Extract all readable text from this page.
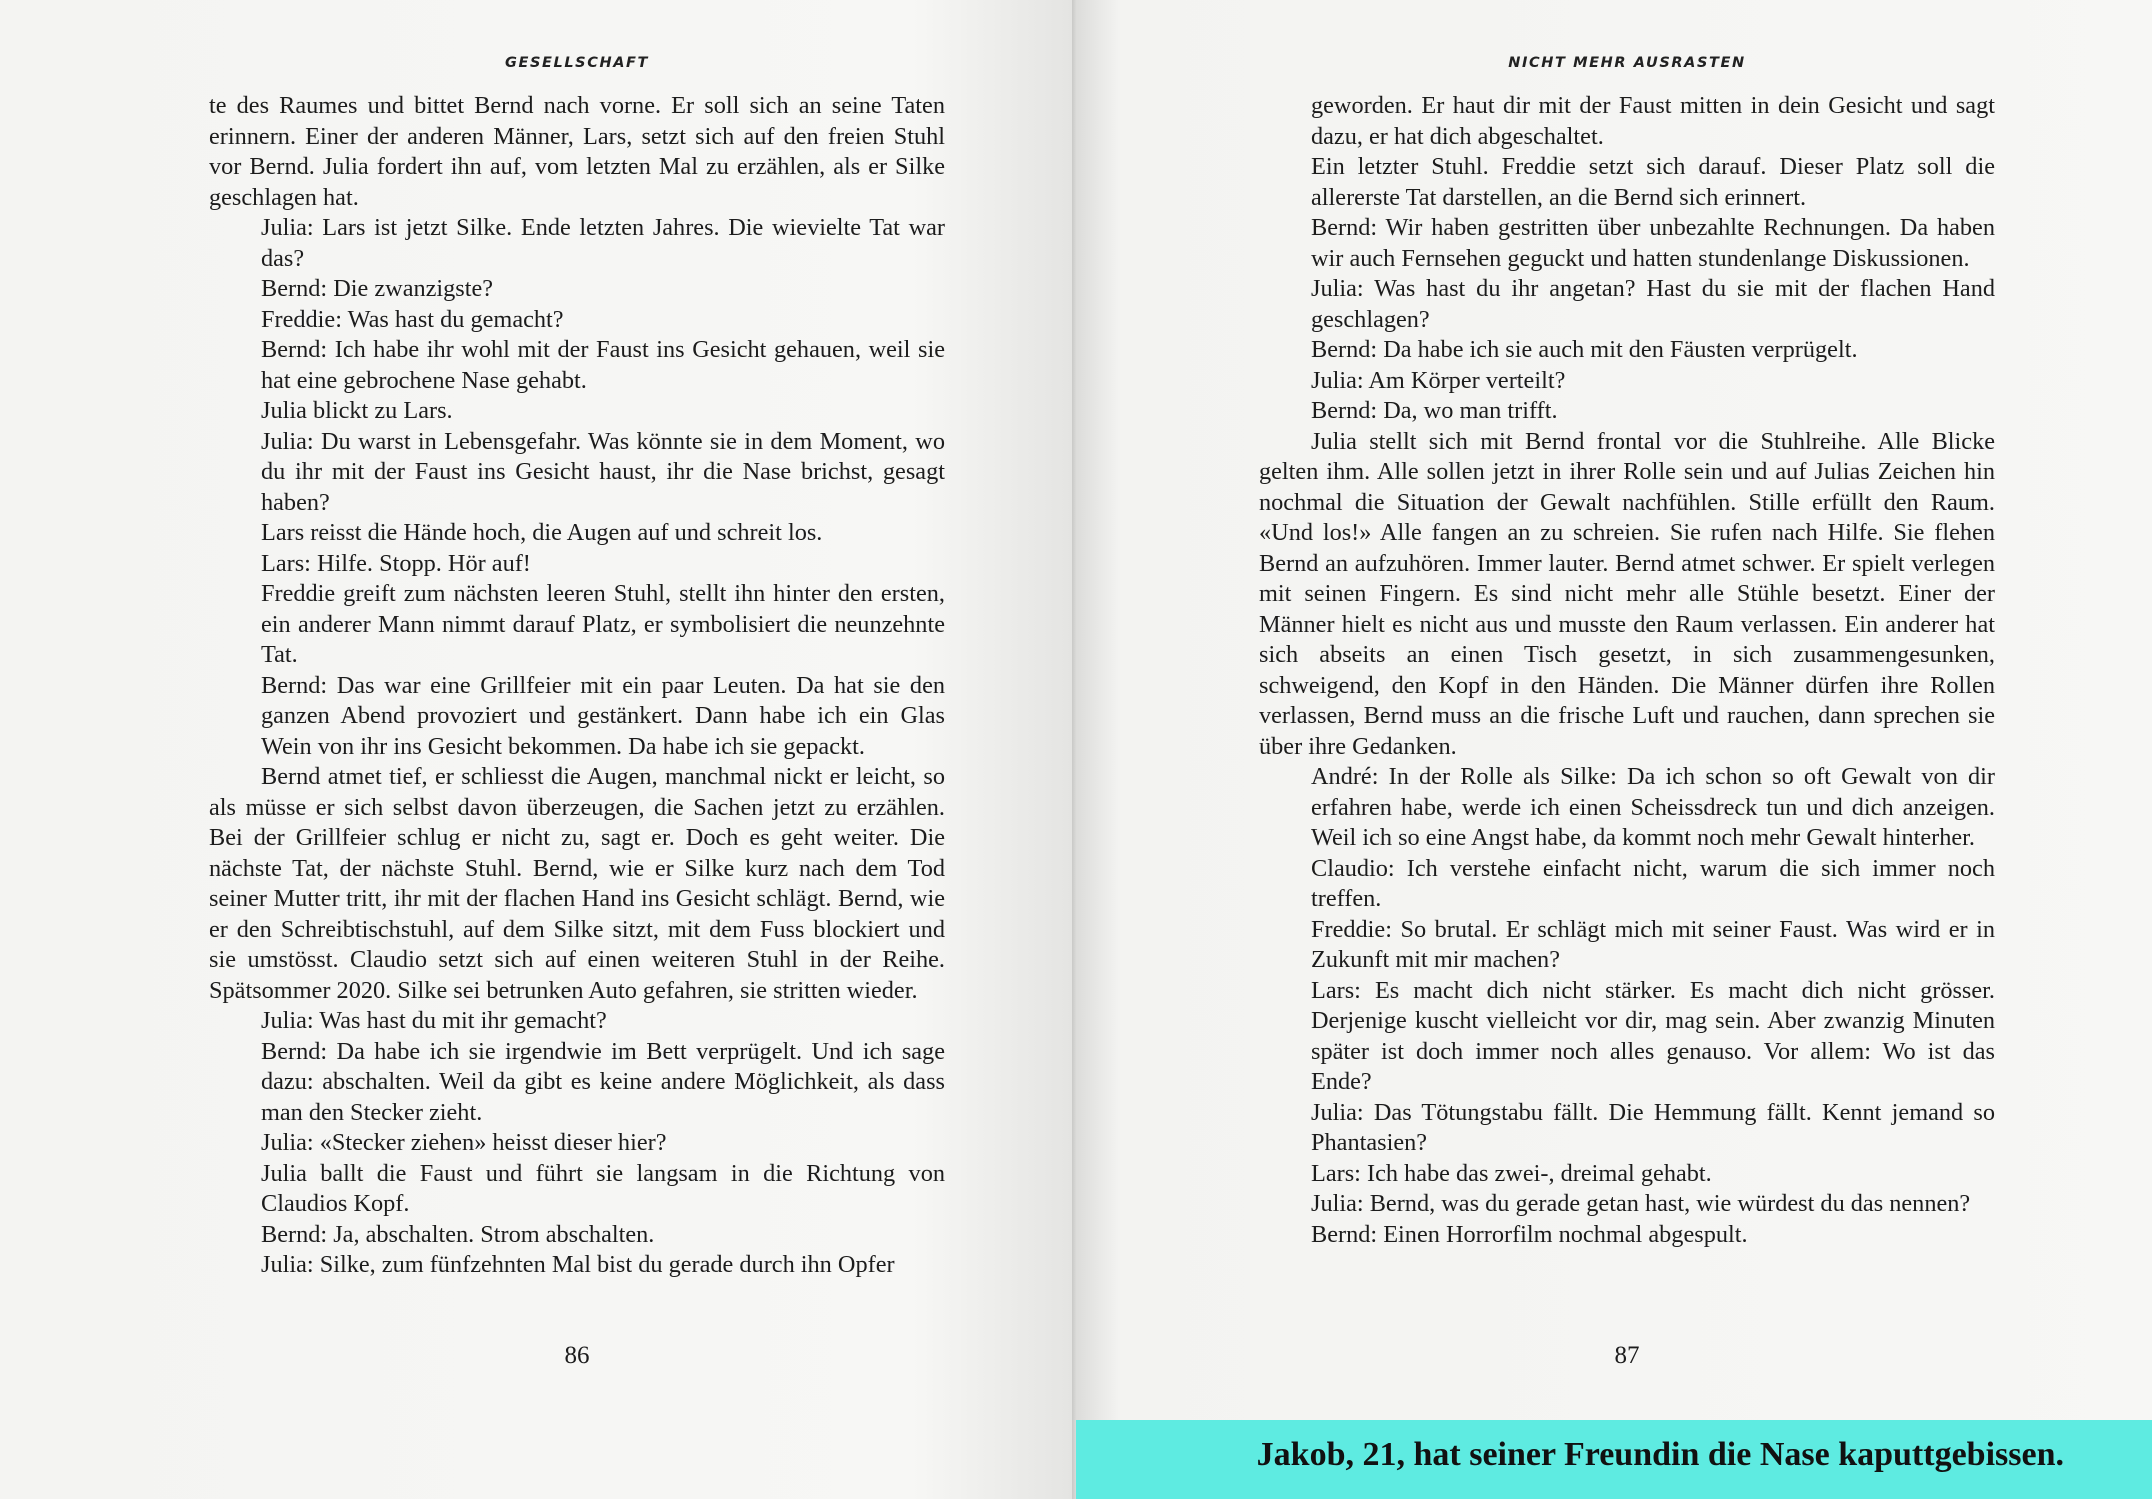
GESELLSCHAFT

te des Raumes und bittet Bernd nach vorne. Er soll sich an seine Taten erinnern. Einer der anderen Männer, Lars, setzt sich auf den freien Stuhl vor Bernd. Julia fordert ihn auf, vom letzten Mal zu erzählen, als er Silke geschlagen hat.

Julia: Lars ist jetzt Silke. Ende letzten Jahres. Die wievielte Tat war das?

Bernd: Die zwanzigste?

Freddie: Was hast du gemacht?

Bernd: Ich habe ihr wohl mit der Faust ins Gesicht gehauen, weil sie hat eine gebrochene Nase gehabt.

Julia blickt zu Lars.

Julia: Du warst in Lebensgefahr. Was könnte sie in dem Moment, wo du ihr mit der Faust ins Gesicht haust, ihr die Nase brichst, gesagt haben?

Lars reisst die Hände hoch, die Augen auf und schreit los.

Lars: Hilfe. Stopp. Hör auf!

Freddie greift zum nächsten leeren Stuhl, stellt ihn hinter den ersten, ein anderer Mann nimmt darauf Platz, er symbolisiert die neunzehnte Tat.

Bernd: Das war eine Grillfeier mit ein paar Leuten. Da hat sie den ganzen Abend provoziert und gestänkert. Dann habe ich ein Glas Wein von ihr ins Gesicht bekommen. Da habe ich sie gepackt.

Bernd atmet tief, er schliesst die Augen, manchmal nickt er leicht, so als müsse er sich selbst davon überzeugen, die Sachen jetzt zu erzählen. Bei der Grillfeier schlug er nicht zu, sagt er. Doch es geht weiter. Die nächste Tat, der nächste Stuhl. Bernd, wie er Silke kurz nach dem Tod seiner Mutter tritt, ihr mit der flachen Hand ins Gesicht schlägt. Bernd, wie er den Schreibtischstuhl, auf dem Silke sitzt, mit dem Fuss blockiert und sie umstösst. Claudio setzt sich auf einen weiteren Stuhl in der Reihe. Spätsommer 2020. Silke sei betrunken Auto gefahren, sie stritten wieder.

Julia: Was hast du mit ihr gemacht?

Bernd: Da habe ich sie irgendwie im Bett verprügelt. Und ich sage dazu: abschalten. Weil da gibt es keine andere Möglichkeit, als dass man den Stecker zieht.

Julia: «Stecker ziehen» heisst dieser hier?

Julia ballt die Faust und führt sie langsam in die Richtung von Claudios Kopf.

Bernd: Ja, abschalten. Strom abschalten.

Julia: Silke, zum fünfzehnten Mal bist du gerade durch ihn Opfer

86
NICHT MEHR AUSRASTEN

geworden. Er haut dir mit der Faust mitten in dein Gesicht und sagt dazu, er hat dich abgeschaltet.

Ein letzter Stuhl. Freddie setzt sich darauf. Dieser Platz soll die allererste Tat darstellen, an die Bernd sich erinnert.

Bernd: Wir haben gestritten über unbezahlte Rechnungen. Da haben wir auch Fernsehen geguckt und hatten stundenlange Diskussionen.

Julia: Was hast du ihr angetan? Hast du sie mit der flachen Hand geschlagen?

Bernd: Da habe ich sie auch mit den Fäusten verprügelt.

Julia: Am Körper verteilt?

Bernd: Da, wo man trifft.

Julia stellt sich mit Bernd frontal vor die Stuhlreihe. Alle Blicke gelten ihm. Alle sollen jetzt in ihrer Rolle sein und auf Julias Zeichen hin nochmal die Situation der Gewalt nachfühlen. Stille erfüllt den Raum. «Und los!» Alle fangen an zu schreien. Sie rufen nach Hilfe. Sie flehen Bernd an aufzuhören. Immer lauter. Bernd atmet schwer. Er spielt verlegen mit seinen Fingern. Es sind nicht mehr alle Stühle besetzt. Einer der Männer hielt es nicht aus und musste den Raum verlassen. Ein anderer hat sich abseits an einen Tisch gesetzt, in sich zusammengesunken, schweigend, den Kopf in den Händen. Die Männer dürfen ihre Rollen verlassen, Bernd muss an die frische Luft und rauchen, dann sprechen sie über ihre Gedanken.

André: In der Rolle als Silke: Da ich schon so oft Gewalt von dir erfahren habe, werde ich einen Scheissdreck tun und dich anzeigen. Weil ich so eine Angst habe, da kommt noch mehr Gewalt hinterher.

Claudio: Ich verstehe einfacht nicht, warum die sich immer noch treffen.

Freddie: So brutal. Er schlägt mich mit seiner Faust. Was wird er in Zukunft mit mir machen?

Lars: Es macht dich nicht stärker. Es macht dich nicht grösser. Derjenige kuscht vielleicht vor dir, mag sein. Aber zwanzig Minuten später ist doch immer noch alles genauso. Vor allem: Wo ist das Ende?

Julia: Das Tötungstabu fällt. Die Hemmung fällt. Kennt jemand so Phantasien?

Lars: Ich habe das zwei-, dreimal gehabt.

Julia: Bernd, was du gerade getan hast, wie würdest du das nennen?

Bernd: Einen Horrorfilm nochmal abgespult.

87
Jakob, 21, hat seiner Freundin die Nase kaputtgebissen.
